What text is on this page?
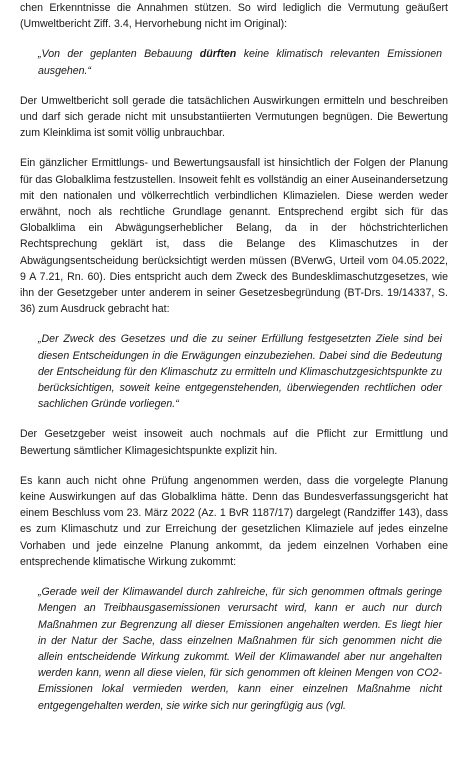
chen Erkenntnisse die Annahmen stützen. So wird lediglich die Vermutung geäußert (Umweltbericht Ziff. 3.4, Hervorhebung nicht im Original):

„Von der geplanten Bebauung dürften keine klimatisch relevanten Emissionen ausgehen.“

Der Umweltbericht soll gerade die tatsächlichen Auswirkungen ermitteln und beschreiben und darf sich gerade nicht mit unsubstantiierten Vermutungen begnügen. Die Bewertung zum Kleinklima ist somit völlig unbrauchbar.

Ein gänzlicher Ermittlungs- und Bewertungsausfall ist hinsichtlich der Folgen der Planung für das Globalklima festzustellen. Insoweit fehlt es vollständig an einer Auseinandersetzung mit den nationalen und völkerrechtlich verbindlichen Klimazielen. Diese werden weder erwähnt, noch als rechtliche Grundlage genannt. Entsprechend ergibt sich für das Globalklima ein Abwägungserheblicher Belang, da in der höchstrichterlichen Rechtsprechung geklärt ist, dass die Belange des Klimaschutzes in der Abwägungsentscheidung berücksichtigt werden müssen (BVerwG, Urteil vom 04.05.2022, 9 A 7.21, Rn. 60). Dies entspricht auch dem Zweck des Bundesklimaschutzgesetzes, wie ihn der Gesetzgeber unter anderem in seiner Gesetzesbegründung (BT-Drs. 19/14337, S. 36) zum Ausdruck gebracht hat:

„Der Zweck des Gesetzes und die zu seiner Erfüllung festgesetzten Ziele sind bei diesen Entscheidungen in die Erwägungen einzubeziehen. Dabei sind die Bedeutung der Entscheidung für den Klimaschutz zu ermitteln und Klimaschutzgesichtspunkte zu berücksichtigen, soweit keine entgegenstehenden, überwiegenden rechtlichen oder sachlichen Gründe vorliegen.“

Der Gesetzgeber weist insoweit auch nochmals auf die Pflicht zur Ermittlung und Bewertung sämtlicher Klimagesichtspunkte explizit hin.

Es kann auch nicht ohne Prüfung angenommen werden, dass die vorgelegte Planung keine Auswirkungen auf das Globalklima hätte. Denn das Bundesverfassungsgericht hat einem Beschluss vom 23. März 2022 (Az. 1 BvR 1187/17) dargelegt (Randziffer 143), dass es zum Klimaschutz und zur Erreichung der gesetzlichen Klimaziele auf jedes einzelne Vorhaben und jede einzelne Planung ankommt, da jedem einzelnen Vorhaben eine entsprechende klimatische Wirkung zukommt:

„Gerade weil der Klimawandel durch zahlreiche, für sich genommen oftmals geringe Mengen an Treibhausgasemissionen verursacht wird, kann er auch nur durch Maßnahmen zur Begrenzung all dieser Emissionen angehalten werden. Es liegt hier in der Natur der Sache, dass einzelnen Maßnahmen für sich genommen nicht die allein entscheidende Wirkung zukommt. Weil der Klimawandel aber nur angehalten werden kann, wenn all diese vielen, für sich genommen oft kleinen Mengen von CO2-Emissionen lokal vermieden werden, kann einer einzelnen Maßnahme nicht entgegengehalten werden, sie wirke sich nur geringfügig aus (vgl.
